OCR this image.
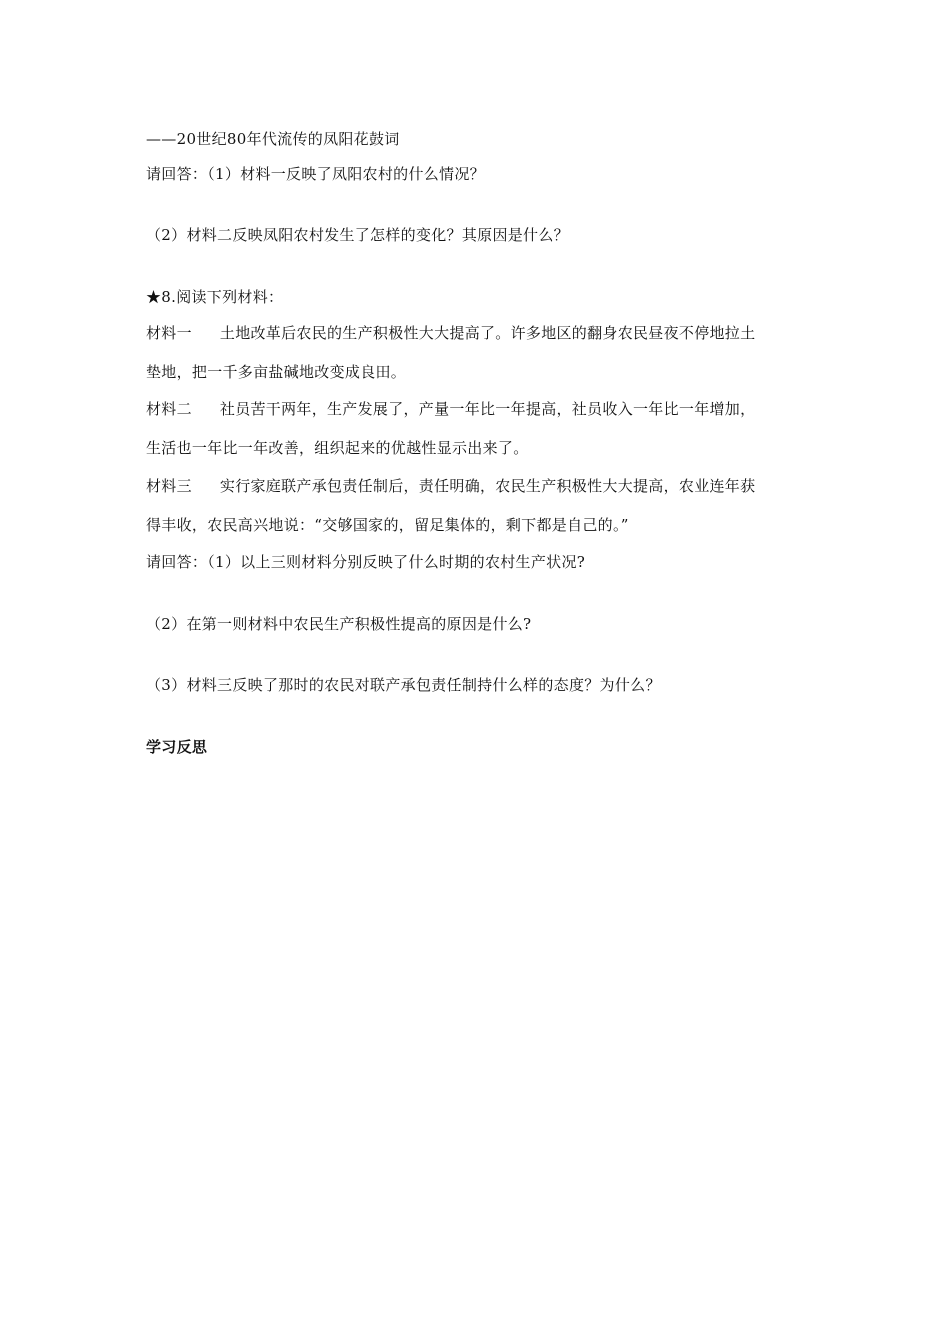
——20世纪80年代流传的凤阳花鼓词
请回答：（1）材料一反映了凤阳农村的什么情况？
（2）材料二反映凤阳农村发生了怎样的变化？其原因是什么？
★8.阅读下列材料：
材料一 土地改革后农民的生产积极性大大提高了。许多地区的翻身农民昼夜不停地拉土
垫地，把一千多亩盐碱地改变成良田。
材料二 社员苦干两年，生产发展了，产量一年比一年提高，社员收入一年比一年增加，
生活也一年比一年改善，组织起来的优越性显示出来了。
材料三 实行家庭联产承包责任制后，责任明确，农民生产积极性大大提高，农业连年获
得丰收，农民高兴地说：“交够国家的，留足集体的，剩下都是自己的。”
请回答：（1）以上三则材料分别反映了什么时期的农村生产状况?
（2）在第一则材料中农民生产积极性提高的原因是什么?
（3）材料三反映了那时的农民对联产承包责任制持什么样的态度？为什么？
学习反思
